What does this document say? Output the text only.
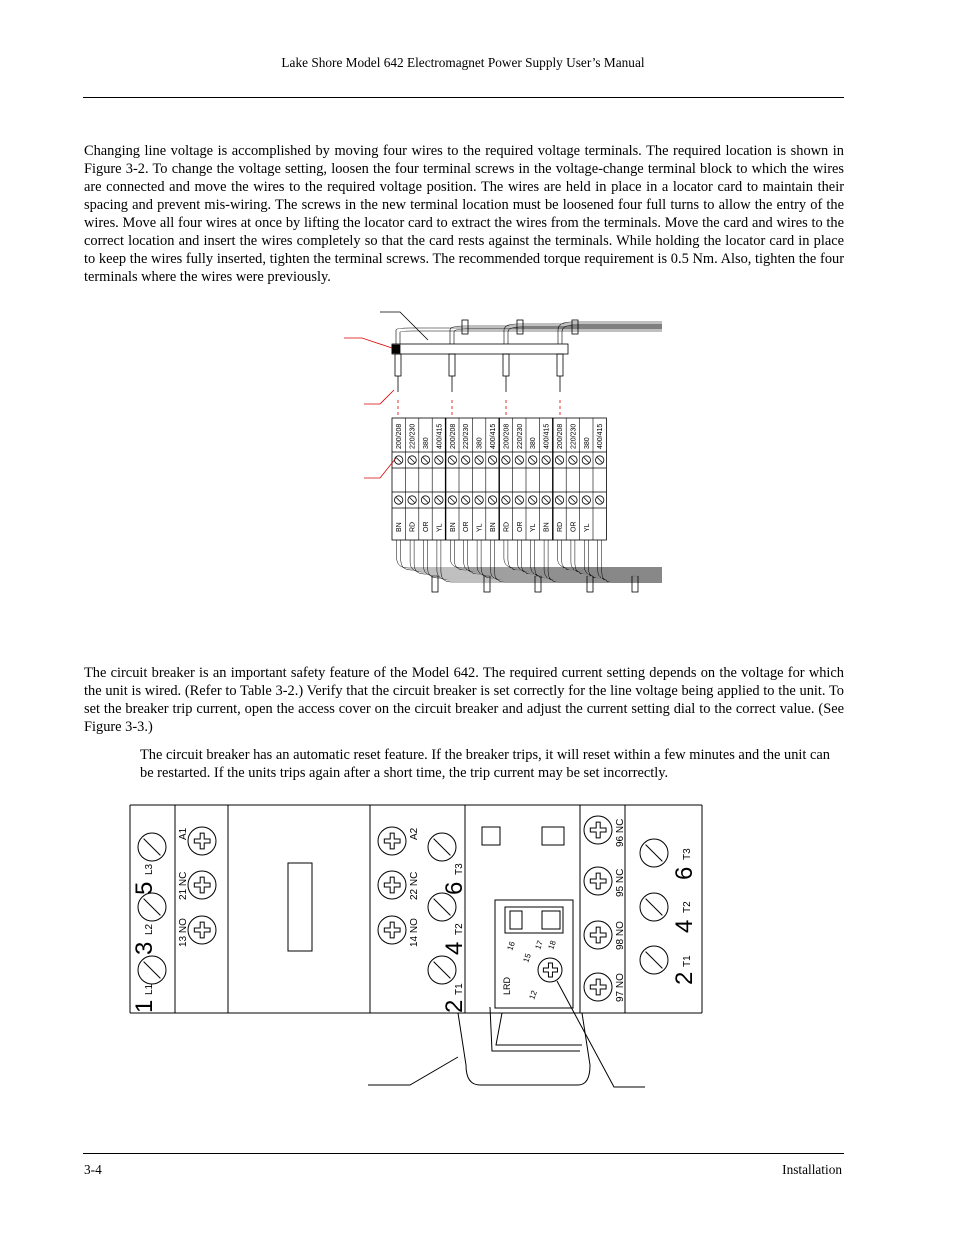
Lake Shore Model 642 Electromagnet Power Supply User’s Manual

Changing line voltage is accomplished by moving four wires to the required voltage terminals. The required location is shown in Figure 3-2. To change the voltage setting, loosen the four terminal screws in the voltage-change terminal block to which the wires are connected and move the wires to the required voltage position. The wires are held in place in a locator card to maintain their spacing and prevent mis-wiring. The screws in the new terminal location must be loosened four full turns to allow the entry of the wires. Move all four wires at once by lifting the locator card to extract the wires from the terminals. Move the card and wires to the correct location and insert the wires completely so that the card rests against the terminals. While holding the locator card in place to keep the wires fully inserted, tighten the terminal screws. The recommended torque requirement is 0.5 Nm. Also, tighten the four terminals where the wires were previously.

200/208 220/230 380 400/415 200/208 220/230 380 400/415 200/208 220/230 380 400/415 200/208 220/230 380 400/415
BN RD OR YL BN OR YL BN RD OR YL BN RD OR YL

The circuit breaker is an important safety feature of the Model 642. The required current setting depends on the voltage for which the unit is wired. (Refer to Table 3-2.) Verify that the circuit breaker is set correctly for the line voltage being applied to the unit. To set the breaker trip current, open the access cover on the circuit breaker and adjust the current setting dial to the correct value. (See Figure 3-3.)

The circuit breaker has an automatic reset feature. If the breaker trips, it will reset within a few minutes and the unit can be restarted. If the units trips again after a short time, the trip current may be set incorrectly.

1
L1
3
L2
5
L3
13 NO
21 NC
A1
14 NO
22 NC
A2
2
T1
4
T2
6
T3
LRD 12
15
16 17 18
97 NO
98 NO
95 NC
96 NC
2
T1
4
T2
6
T3
3-4	Installation
